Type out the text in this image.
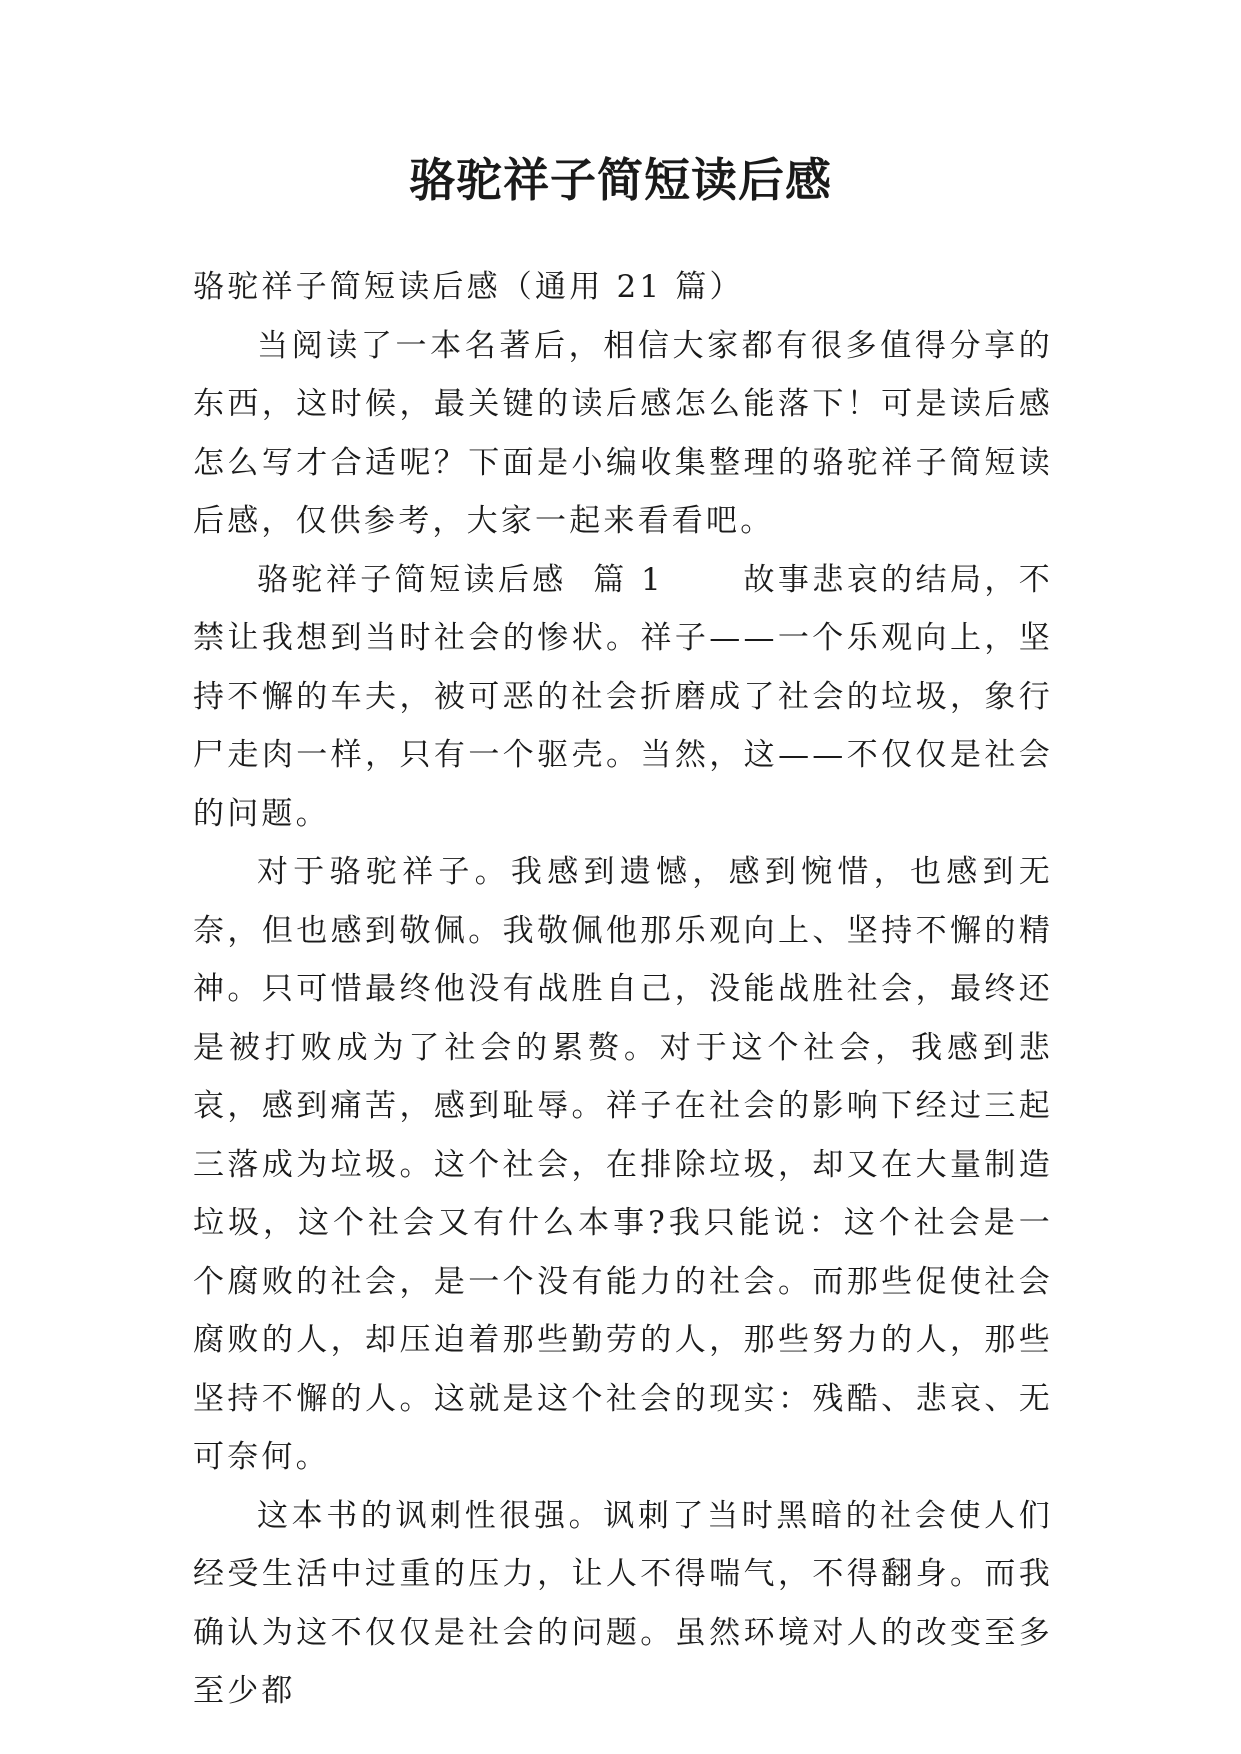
骆驼祥子简短读后感

骆驼祥子简短读后感（通用 21 篇）

当阅读了一本名著后，相信大家都有很多值得分享的东西，这时候，最关键的读后感怎么能落下！可是读后感怎么写才合适呢？下面是小编收集整理的骆驼祥子简短读后感，仅供参考，大家一起来看看吧。

骆驼祥子简短读后感  篇 1      故事悲哀的结局，不禁让我想到当时社会的惨状。祥子——一个乐观向上，坚持不懈的车夫，被可恶的社会折磨成了社会的垃圾，象行尸走肉一样，只有一个驱壳。当然，这——不仅仅是社会的问题。

对于骆驼祥子。我感到遗憾，感到惋惜，也感到无奈，但也感到敬佩。我敬佩他那乐观向上、坚持不懈的精神。只可惜最终他没有战胜自己，没能战胜社会，最终还是被打败成为了社会的累赘。对于这个社会，我感到悲哀，感到痛苦，感到耻辱。祥子在社会的影响下经过三起三落成为垃圾。这个社会，在排除垃圾，却又在大量制造垃圾，这个社会又有什么本事?我只能说：这个社会是一个腐败的社会，是一个没有能力的社会。而那些促使社会腐败的人，却压迫着那些勤劳的人，那些努力的人，那些坚持不懈的人。这就是这个社会的现实：残酷、悲哀、无可奈何。

这本书的讽刺性很强。讽刺了当时黑暗的社会使人们经受生活中过重的压力，让人不得喘气，不得翻身。而我确认为这不仅仅是社会的问题。虽然环境对人的改变至多至少都
